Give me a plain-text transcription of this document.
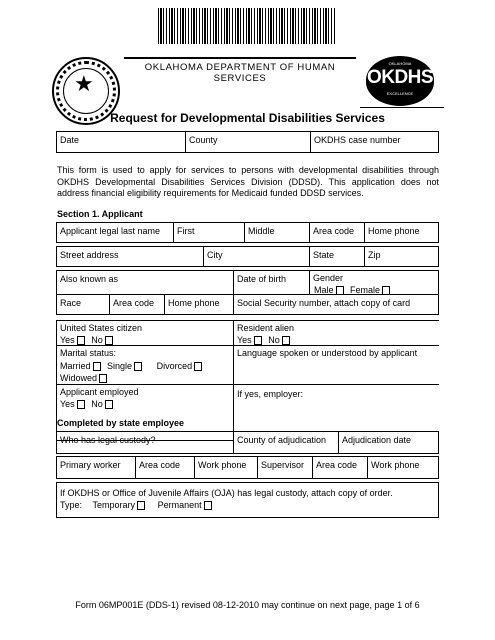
★
OKLAHOMA DEPARTMENT OF HUMAN SERVICES
OKLAHOMA
OKDHS
EXCELLENCE
Request for Developmental Disabilities Services
Date	County	OKDHS case number
This form is used to apply for services to persons with developmental disabilities through OKDHS Developmental Disabilities Services Division (DDSD). This application does not address financial eligibility requirements for Medicaid funded DDSD services.
Section 1. Applicant
Applicant legal last name	First	Middle	Area code	Home phone
Street address	City	State	Zip
Also known as	Date of birth	Gender
Male Female
Race	Area code	Home phone	Social Security number, attach copy of card
United States citizen
Yes No
Resident alien
Yes No
Marital status:
Married Single	Divorced
Widowed
Language spoken or understood by applicant
Applicant employed
Yes No
If yes, employer:
Completed by state employee
Who has legal custody?	County of adjudication	Adjudication date
Primary worker	Area code	Work phone	Supervisor	Area code	Work phone
If OKDHS or Office of Juvenile Affairs (OJA) has legal custody, attach copy of order.
Type: Temporary	Permanent
Form 06MP001E (DDS-1) revised 08-12-2010 may continue on next page, page 1 of 6
